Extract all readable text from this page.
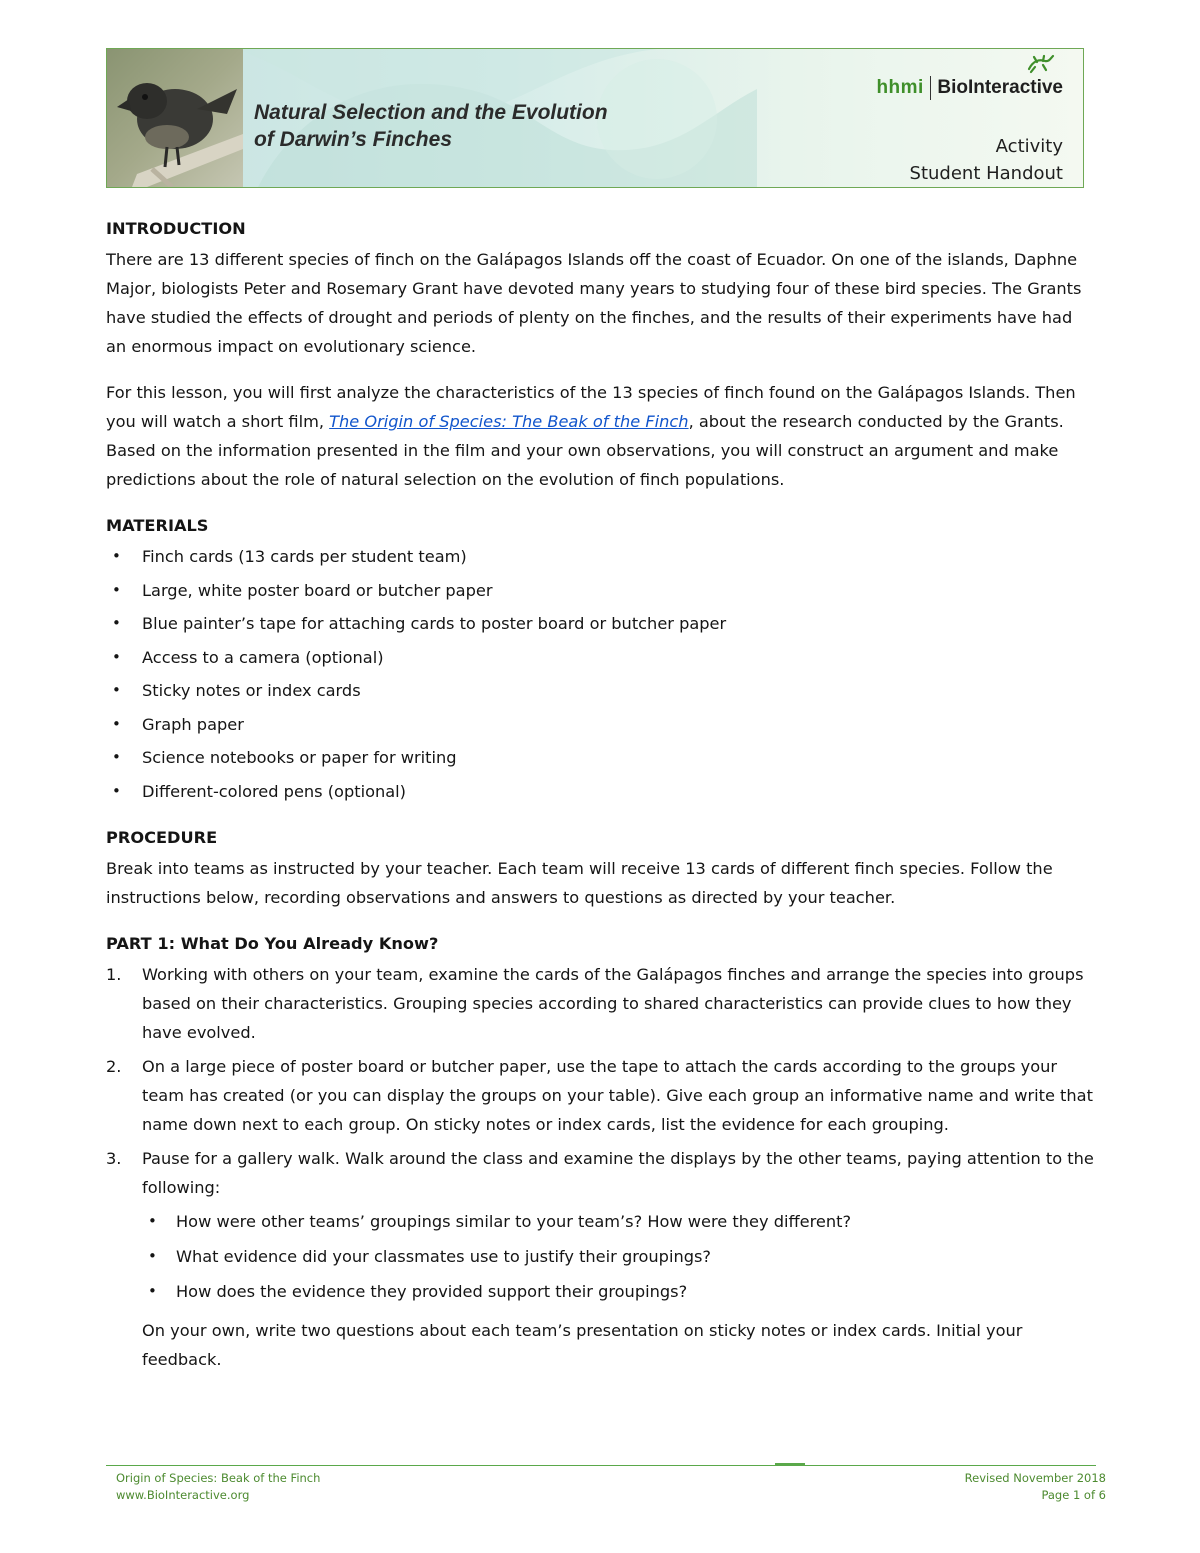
Natural Selection and the Evolution
of Darwin’s Finches
hhmi BioInteractive
Activity
Student Handout
INTRODUCTION

There are 13 different species of finch on the Galápagos Islands off the coast of Ecuador. On one of the islands, Daphne Major, biologists Peter and Rosemary Grant have devoted many years to studying four of these bird species. The Grants have studied the effects of drought and periods of plenty on the finches, and the results of their experiments have had an enormous impact on evolutionary science.

For this lesson, you will first analyze the characteristics of the 13 species of finch found on the Galápagos Islands. Then you will watch a short film, The Origin of Species: The Beak of the Finch, about the research conducted by the Grants. Based on the information presented in the film and your own observations, you will construct an argument and make predictions about the role of natural selection on the evolution of finch populations.

MATERIALS
• Finch cards (13 cards per student team)
• Large, white poster board or butcher paper
• Blue painter’s tape for attaching cards to poster board or butcher paper
• Access to a camera (optional)
• Sticky notes or index cards
• Graph paper
• Science notebooks or paper for writing
• Different-colored pens (optional)
PROCEDURE

Break into teams as instructed by your teacher. Each team will receive 13 cards of different finch species. Follow the instructions below, recording observations and answers to questions as directed by your teacher.

PART 1: What Do You Already Know?
1. Working with others on your team, examine the cards of the Galápagos finches and arrange the species into groups based on their characteristics. Grouping species according to shared characteristics can provide clues to how they have evolved.
2. On a large piece of poster board or butcher paper, use the tape to attach the cards according to the groups your team has created (or you can display the groups on your table). Give each group an informative name and write that name down next to each group. On sticky notes or index cards, list the evidence for each grouping.
3. Pause for a gallery walk. Walk around the class and examine the displays by the other teams, paying attention to the following:
• How were other teams’ groupings similar to your team’s? How were they different?
• What evidence did your classmates use to justify their groupings?
• How does the evidence they provided support their groupings?

On your own, write two questions about each team’s presentation on sticky notes or index cards. Initial your feedback.

Origin of Species: Beak of the Finch
www.BioInteractive.org
Revised November 2018
Page 1 of 6
